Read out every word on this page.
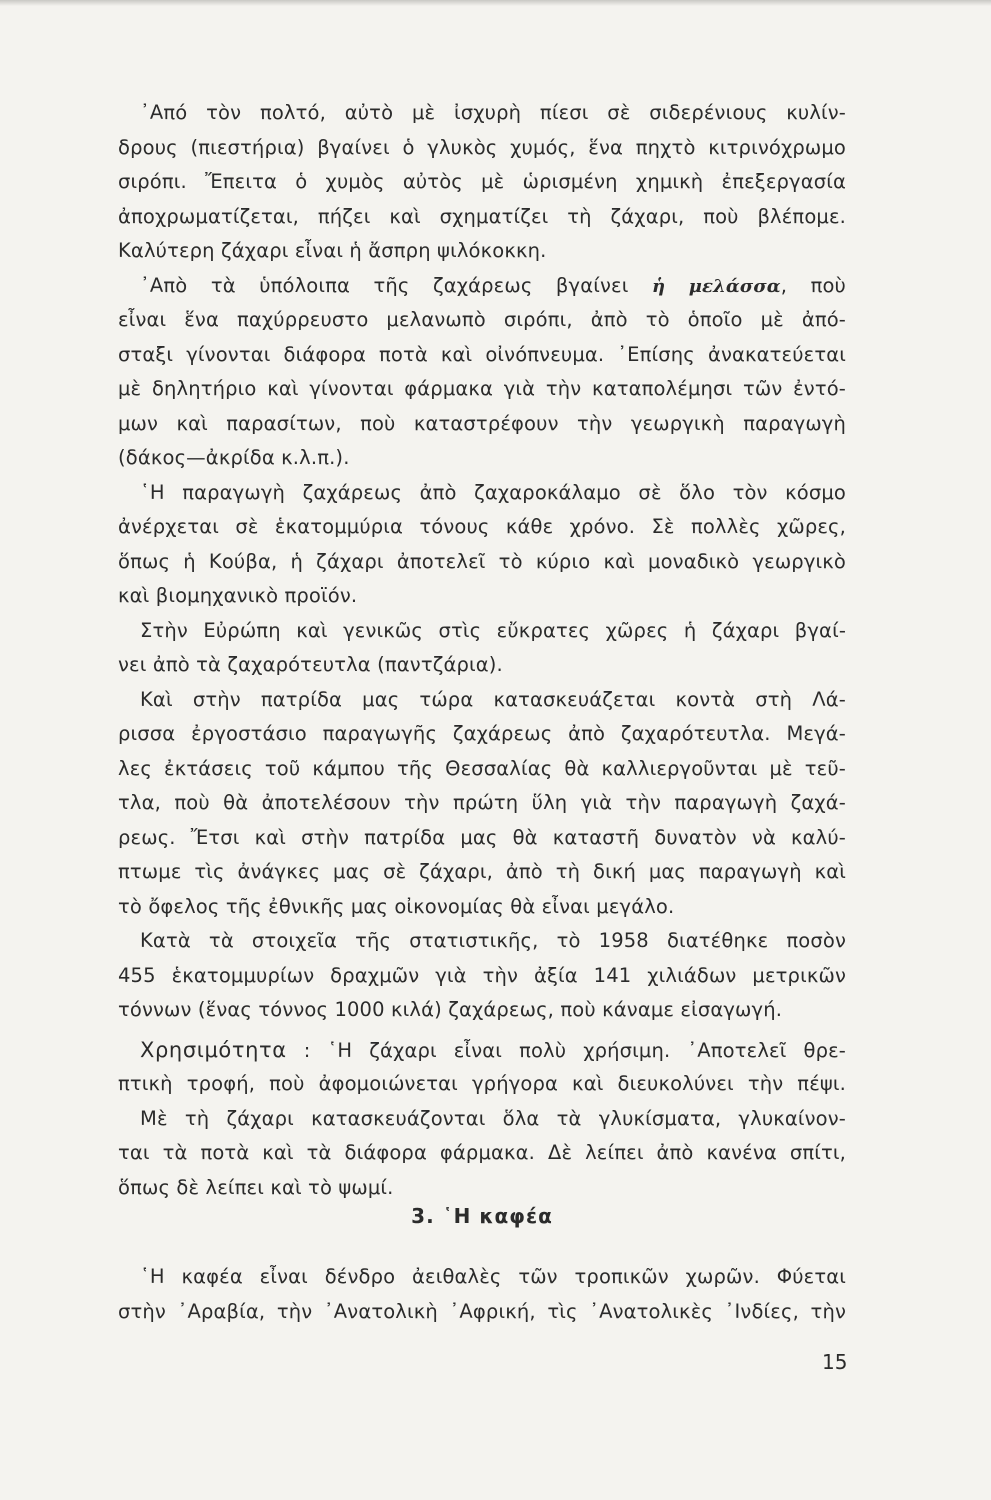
᾿Από τὸν πολτό, αὐτὸ μὲ ἰσχυρὴ πίεσι σὲ σιδερένιους κυλίν-
δρους (πιεστήρια) βγαίνει ὁ γλυκὸς χυμός, ἕνα πηχτὸ κιτρινόχρωμο
σιρόπι. Ἔπειτα ὁ χυμὸς αὐτὸς μὲ ὡρισμένη χημικὴ ἐπεξεργασία
ἀποχρωματίζεται, πήζει καὶ σχηματίζει τὴ ζάχαρι, ποὺ βλέπομε.
Καλύτερη ζάχαρι εἶναι ἡ ἄσπρη ψιλόκοκκη.
᾿Απὸ τὰ ὑπόλοιπα τῆς ζαχάρεως βγαίνει ἡ μελάσσα, ποὺ
εἶναι ἕνα παχύρρευστο μελανωπὸ σιρόπι, ἀπὸ τὸ ὁποῖο μὲ ἀπό-
σταξι γίνονται διάφορα ποτὰ καὶ οἰνόπνευμα. ᾿Επίσης ἀνακατεύεται
μὲ δηλητήριο καὶ γίνονται φάρμακα γιὰ τὴν καταπολέμησι τῶν ἐντό-
μων καὶ παρασίτων, ποὺ καταστρέφουν τὴν γεωργικὴ παραγωγὴ
(δάκος—ἀκρίδα κ.λ.π.).
῾Η παραγωγὴ ζαχάρεως ἀπὸ ζαχαροκάλαμο σὲ ὅλο τὸν κόσμο
ἀνέρχεται σὲ ἑκατομμύρια τόνους κάθε χρόνο. Σὲ πολλὲς χῶρες,
ὅπως ἡ Κούβα, ἡ ζάχαρι ἀποτελεῖ τὸ κύριο καὶ μοναδικὸ γεωργικὸ
καὶ βιομηχανικὸ προϊόν.
Στὴν Εὐρώπη καὶ γενικῶς στὶς εὔκρατες χῶρες ἡ ζάχαρι βγαί-
νει ἀπὸ τὰ ζαχαρότευτλα (παντζάρια).
Καὶ στὴν πατρίδα μας τώρα κατασκευάζεται κοντὰ στὴ Λά-
ρισσα ἐργοστάσιο παραγωγῆς ζαχάρεως ἀπὸ ζαχαρότευτλα. Μεγά-
λες ἐκτάσεις τοῦ κάμπου τῆς Θεσσαλίας θὰ καλλιεργοῦνται μὲ τεῦ-
τλα, ποὺ θὰ ἀποτελέσουν τὴν πρώτη ὕλη γιὰ τὴν παραγωγὴ ζαχά-
ρεως. Ἔτσι καὶ στὴν πατρίδα μας θὰ καταστῆ δυνατὸν νὰ καλύ-
πτωμε τὶς ἀνάγκες μας σὲ ζάχαρι, ἀπὸ τὴ δική μας παραγωγὴ καὶ
τὸ ὄφελος τῆς ἐθνικῆς μας οἰκονομίας θὰ εἶναι μεγάλο.
Κατὰ τὰ στοιχεῖα τῆς στατιστικῆς, τὸ 1958 διατέθηκε ποσὸν
455 ἑκατομμυρίων δραχμῶν γιὰ τὴν ἀξία 141 χιλιάδων μετρικῶν
τόννων (ἕνας τόννος 1000 κιλά) ζαχάρεως, ποὺ κάναμε εἰσαγωγή.
Χρησιμότητα : ῾Η ζάχαρι εἶναι πολὺ χρήσιμη. ᾿Αποτελεῖ θρε-
πτικὴ τροφή, ποὺ ἀφομοιώνεται γρήγορα καὶ διευκολύνει τὴν πέψι.
Μὲ τὴ ζάχαρι κατασκευάζονται ὅλα τὰ γλυκίσματα, γλυκαίνον-
ται τὰ ποτὰ καὶ τὰ διάφορα φάρμακα. Δὲ λείπει ἀπὸ κανένα σπίτι,
ὅπως δὲ λείπει καὶ τὸ ψωμί.
3. ῾Η καφέα
῾Η καφέα εἶναι δένδρο ἀειθαλὲς τῶν τροπικῶν χωρῶν. Φύεται
στὴν ᾿Αραβία, τὴν ᾿Ανατολικὴ ᾿Αφρική, τὶς ᾿Ανατολικὲς ᾿Ινδίες, τὴν
15
